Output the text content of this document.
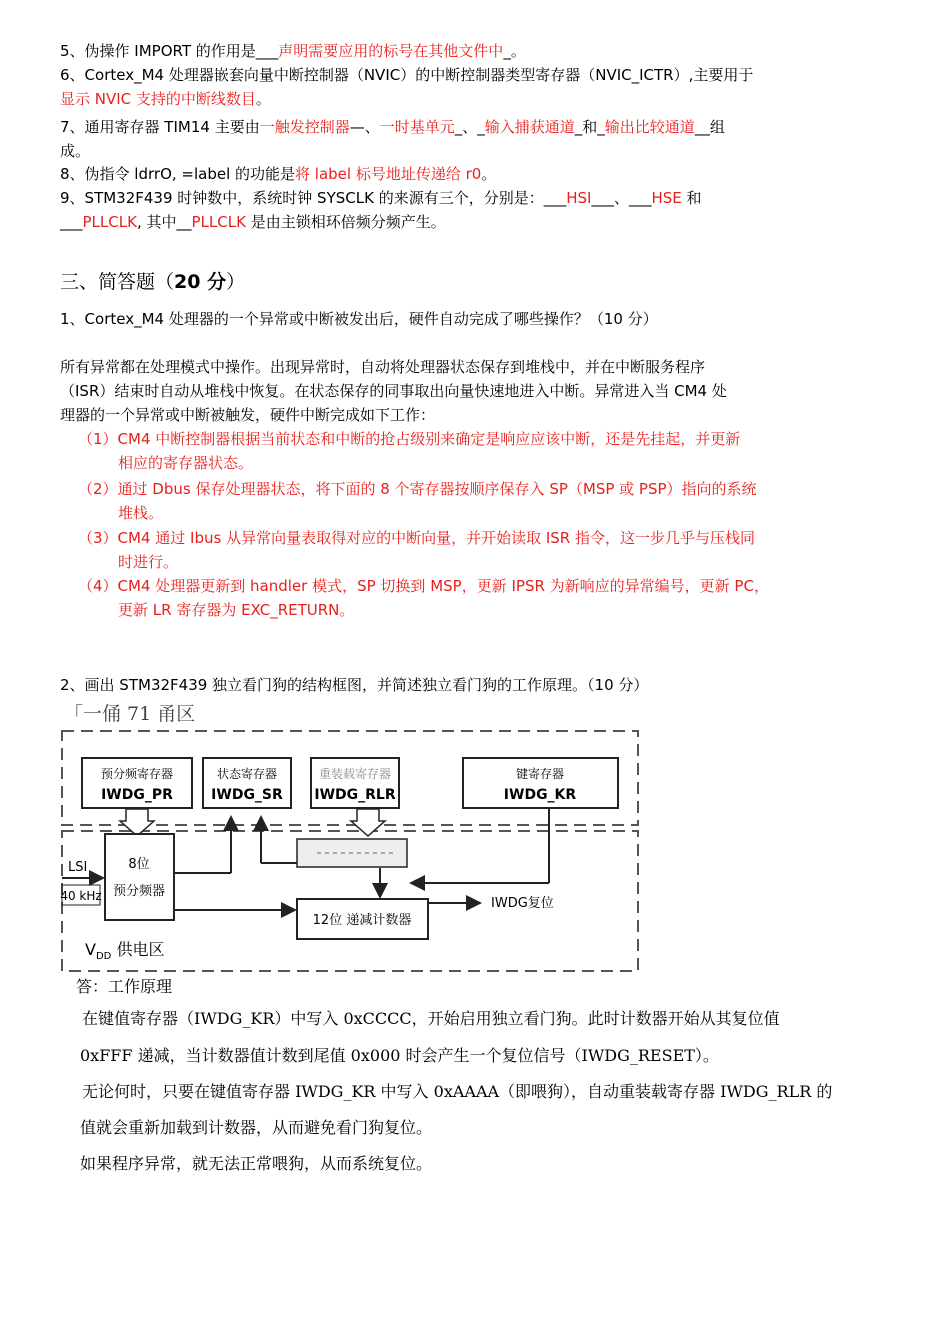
5、伪操作 IMPORT 的作用是___声明需要应用的标号在其他文件中_。
6、Cortex_M4 处理器嵌套向量中断控制器（NVIC）的中断控制器类型寄存器（NVIC_ICTR）,主要用于
显示 NVIC 支持的中断线数目。
7、通用寄存器 TIM14 主要由一触发控制器—、一时基单元_、_输入捕获通道_和_输出比较通道__组
成。
8、伪指令 ldrrO, =label 的功能是将 label 标号地址传递给 r0。
9、STM32F439 时钟数中，系统时钟 SYSCLK 的来源有三个，分别是：___HSI___、___HSE 和
___PLLCLK, 其中__PLLCLK 是由主锁相环倍频分频产生。
三、简答题（20 分）
1、Cortex_M4 处理器的一个异常或中断被发出后，硬件自动完成了哪些操作？（10 分）
所有异常都在处理模式中操作。出现异常时，自动将处理器状态保存到堆栈中，并在中断服务程序
（ISR）结束时自动从堆栈中恢复。在状态保存的同事取出向量快速地进入中断。异常进入当 CM4 处
理器的一个异常或中断被触发，硬件中断完成如下工作：
（1）CM4 中断控制器根据当前状态和中断的抢占级别来确定是响应应该中断，还是先挂起，并更新
相应的寄存器状态。
（2）通过 Dbus 保存处理器状态，将下面的 8 个寄存器按顺序保存入 SP（MSP 或 PSP）指向的系统
堆栈。
（3）CM4 通过 Ibus 从异常向量表取得对应的中断向量，并开始读取 ISR 指令，这一步几乎与压栈同
时进行。
（4）CM4 处理器更新到 handler 模式，SP 切换到 MSP，更新 IPSR 为新响应的异常编号，更新 PC，
更新 LR 寄存器为 EXC_RETURN。
2、画出 STM32F439 独立看门狗的结构框图，并简述独立看门狗的工作原理。（10 分）
「一俑 71 甬区
预分频寄存器
IWDG_PR
状态寄存器
IWDG_SR
重装载寄存器
IWDG_RLR
键寄存器
IWDG_KR
8位
预分频器
LSI
40 kHz
12位 递减计数器
IWDG复位
$V_{DD}$ 供电区
答：工作原理
在键值寄存器（IWDG_KR）中写入 0xCCCC，开始启用独立看门狗。此时计数器开始从其复位值
0xFFF 递减，当计数器值计数到尾值 0x000 时会产生一个复位信号（IWDG_RESET）。
无论何时，只要在键值寄存器 IWDG_KR 中写入 0xAAAA（即喂狗），自动重装载寄存器 IWDG_RLR 的
值就会重新加载到计数器，从而避免看门狗复位。
如果程序异常，就无法正常喂狗，从而系统复位。
